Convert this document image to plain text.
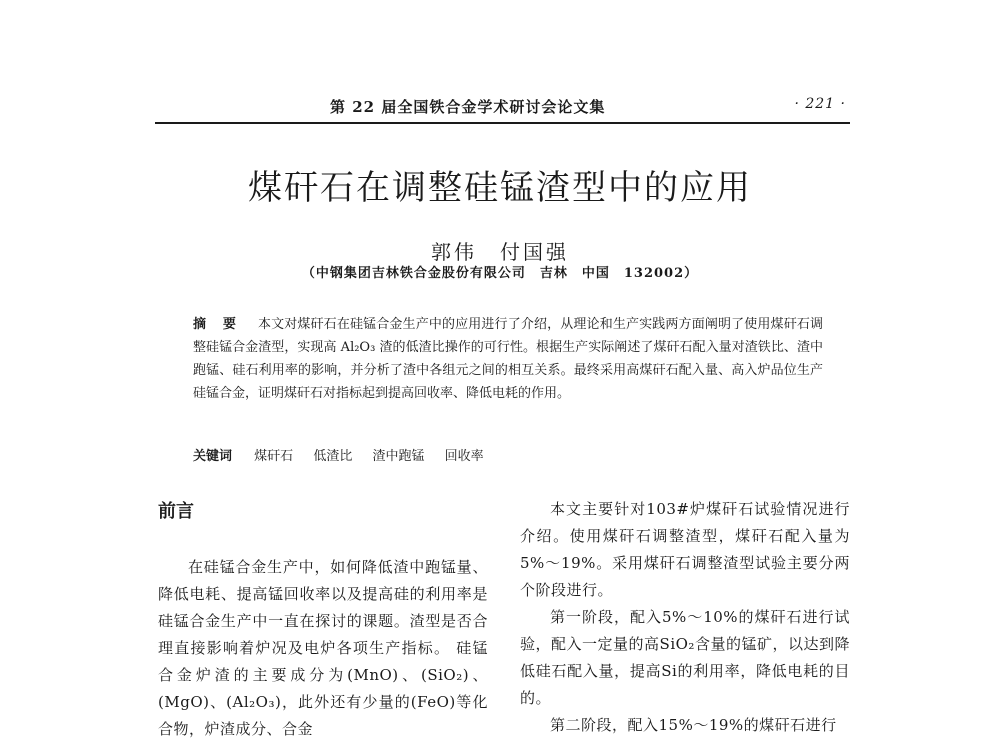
第 22 届全国铁合金学术研讨会论文集	· 221 ·
煤矸石在调整硅锰渣型中的应用
郭伟　付国强
（中钢集团吉林铁合金股份有限公司　吉林　中国　132002）
摘 要 本文对煤矸石在硅锰合金生产中的应用进行了介绍，从理论和生产实践两方面阐明了使用煤矸石调整硅锰合金渣型，实现高 Al₂O₃ 渣的低渣比操作的可行性。根据生产实际阐述了煤矸石配入量对渣铁比、渣中跑锰、硅石利用率的影响，并分析了渣中各组元之间的相互关系。最终采用高煤矸石配入量、高入炉品位生产硅锰合金，证明煤矸石对指标起到提高回收率、降低电耗的作用。
关键词 煤矸石 低渣比 渣中跑锰 回收率
前言

在硅锰合金生产中，如何降低渣中跑锰量、降低电耗、提高锰回收率以及提高硅的利用率是硅锰合金生产中一直在探讨的课题。渣型是否合理直接影响着炉况及电炉各项生产指标。 硅锰合金炉渣的主要成分为(MnO)、(SiO₂)、(MgO)、(Al₂O₃)，此外还有少量的(FeO)等化合物，炉渣成分、合金

本文主要针对103#炉煤矸石试验情况进行介绍。使用煤矸石调整渣型，煤矸石配入量为5%～19%。采用煤矸石调整渣型试验主要分两个阶段进行。

第一阶段，配入5%～10%的煤矸石进行试验，配入一定量的高SiO₂含量的锰矿，以达到降低硅石配入量，提高Si的利用率，降低电耗的目的。

第二阶段，配入15%～19%的煤矸石进行
